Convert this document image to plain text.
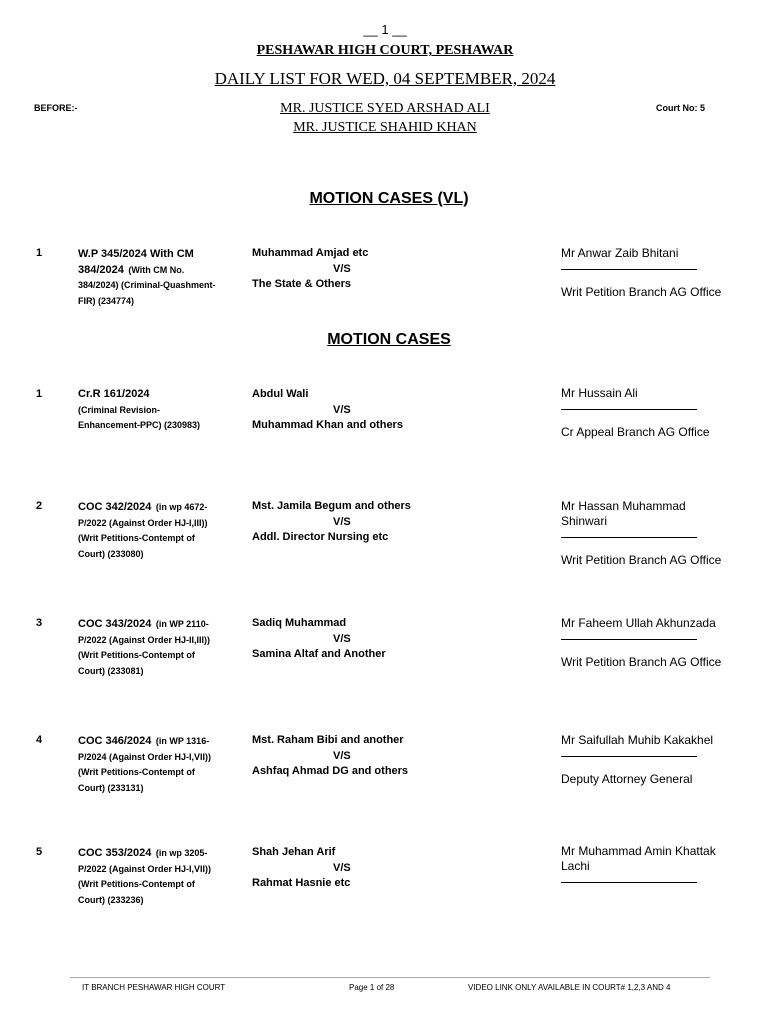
__ 1 __
PESHAWAR HIGH COURT, PESHAWAR
DAILY LIST FOR WED, 04 SEPTEMBER, 2024
BEFORE:-	Court No: 5
MR. JUSTICE SYED ARSHAD ALI
MR. JUSTICE SHAHID KHAN
MOTION CASES (VL)
1	W.P 345/2024 With CM 384/2024 (With CM No. 384/2024) (Criminal-Quashment-FIR) (234774)
Muhammad Amjad etc
V/S
The State & Others
Mr Anwar Zaib Bhitani
Writ Petition Branch AG Office
MOTION CASES
1	Cr.R 161/2024
(Criminal Revision-Enhancement-PPC) (230983)
Abdul Wali
V/S
Muhammad Khan and others
Mr Hussain Ali
Cr Appeal Branch AG Office
2	COC 342/2024 (in wp 4672-P/2022 (Against Order HJ-I,III)) (Writ Petitions-Contempt of Court) (233080)
Mst. Jamila Begum and others
V/S
Addl. Director Nursing etc
Mr Hassan Muhammad Shinwari
Writ Petition Branch AG Office
3	COC 343/2024 (in WP 2110-P/2022 (Against Order HJ-II,III)) (Writ Petitions-Contempt of Court) (233081)
Sadiq Muhammad
V/S
Samina Altaf and Another
Mr Faheem Ullah Akhunzada
Writ Petition Branch AG Office
4	COC 346/2024 (in WP 1316-P/2024 (Against Order HJ-I,VII)) (Writ Petitions-Contempt of Court) (233131)
Mst. Raham Bibi and another
V/S
Ashfaq Ahmad DG and others
Mr Saifullah Muhib Kakakhel
Deputy Attorney General
5	COC 353/2024 (in wp 3205-P/2022 (Against Order HJ-I,VII)) (Writ Petitions-Contempt of Court) (233236)
Shah Jehan Arif
V/S
Rahmat Hasnie etc
Mr Muhammad Amin Khattak Lachi
IT BRANCH PESHAWAR HIGH COURT	Page 1 of 28	VIDEO LINK ONLY AVAILABLE IN COURT# 1,2,3 AND 4
